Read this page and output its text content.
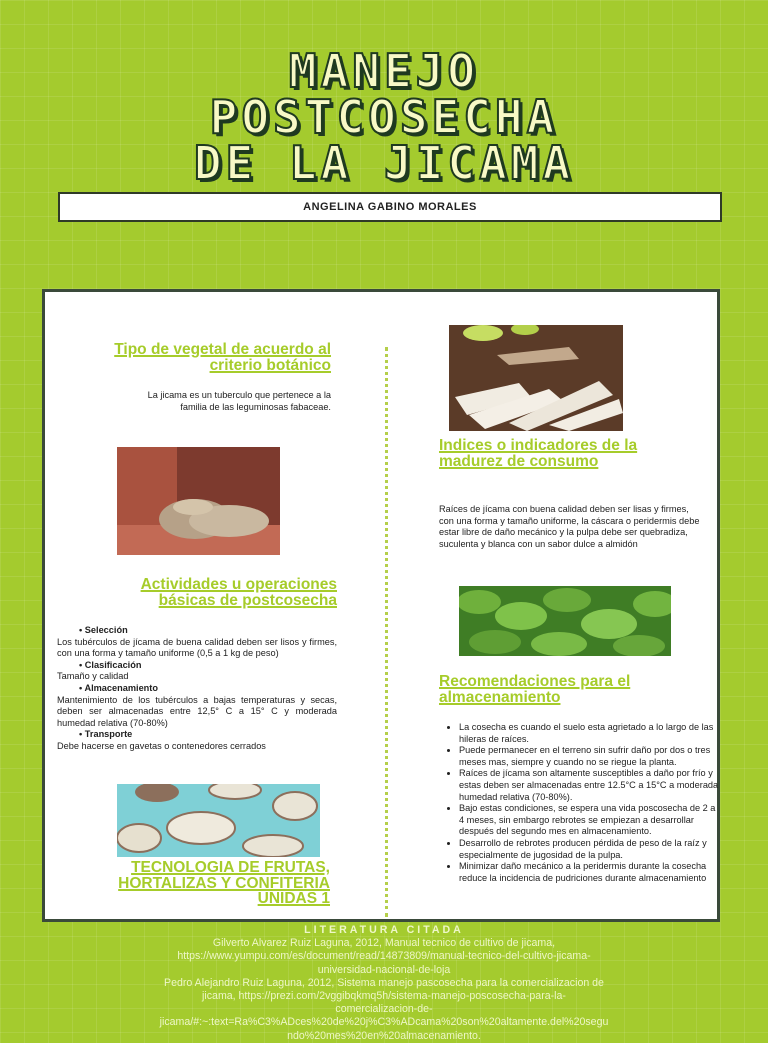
MANEJO
POSTCOSECHA
DE LA JICAMA
ANGELINA GABINO MORALES
Tipo de vegetal de acuerdo al criterio botánico

La jicama es un tuberculo que pertenece a la familia de las leguminosas fabaceae.

Actividades u operaciones básicas de postcosecha
• Selección
Los tubérculos de jícama de buena calidad deben ser lisos y firmes, con una forma y tamaño uniforme (0,5 a 1 kg de peso)
• Clasificación
Tamaño y calidad
• Almacenamiento
Mantenimiento de los tubérculos a bajas temperaturas y secas, deben ser almacenadas entre 12,5° C a 15° C y moderada humedad relativa (70-80%)
• Transporte
Debe hacerse en gavetas o contenedores cerrados
TECNOLOGIA DE FRUTAS, HORTALIZAS Y CONFITERIA UNIDAS 1
Indices o indicadores de la madurez de consumo

Raíces de jícama con buena calidad deben ser lisas y firmes, con una forma y tamaño uniforme, la cáscara o peridermis debe estar libre de daño mecánico y la pulpa debe ser quebradiza, suculenta y blanca con un sabor dulce a almidón

Recomendaciones para el almacenamiento
• La cosecha es cuando el suelo esta agrietado a lo largo de las hileras de raíces.
• Puede permanecer en el terreno sin sufrir daño por dos o tres meses mas, siempre y cuando no se riegue la planta.
• Raíces de jícama son altamente susceptibles a daño por frío y estas deben ser almacenadas entre 12.5°C a 15°C a moderada humedad relativa (70-80%).
• Bajo estas condiciones, se espera una vida poscosecha de 2 a 4 meses, sin embargo rebrotes se empiezan a desarrollar después del segundo mes en almacenamiento.
• Desarrollo de rebrotes producen pérdida de peso de la raíz y especialmente de jugosidad de la pulpa.
• Minimizar daño mecánico a la peridermis durante la cosecha reduce la incidencia de pudriciones durante almacenamiento
LITERATURA CITADA
Gilverto Alvarez Ruiz Laguna, 2012, Manual tecnico de cultivo de jicama,
https://www.yumpu.com/es/document/read/14873809/manual-tecnico-del-cultivo-jicama-
universidad-nacional-de-loja
Pedro Alejandro Ruiz Laguna, 2012, Sistema manejo pascosecha para la comercializacion de
jicama, https://prezi.com/2vggibqkmq5h/sistema-manejo-poscosecha-para-la-
comercializacion-de-
jicama/#:~:text=Ra%C3%ADces%20de%20j%C3%ADcama%20son%20altamente.del%20segu
ndo%20mes%20en%20almacenamiento.
